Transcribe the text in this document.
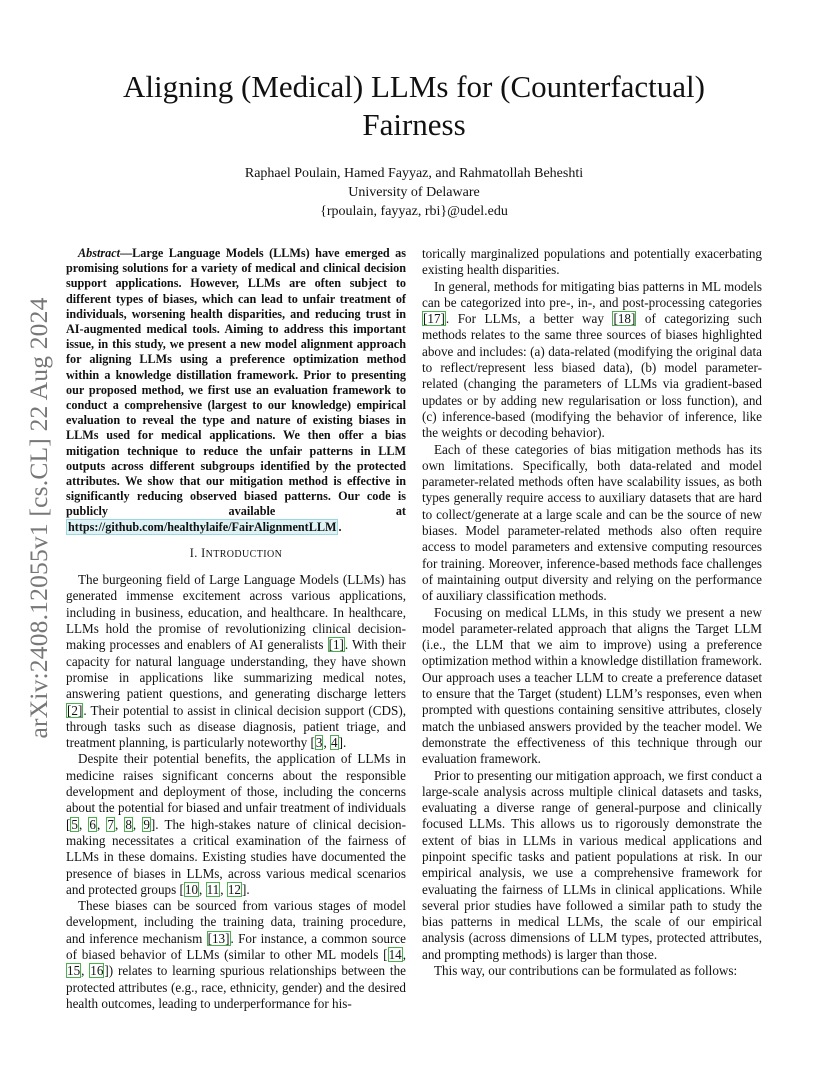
arXiv:2408.12055v1 [cs.CL] 22 Aug 2024
Aligning (Medical) LLMs for (Counterfactual) Fairness
Raphael Poulain, Hamed Fayyaz, and Rahmatollah Beheshti
University of Delaware
{rpoulain, fayyaz, rbi}@udel.edu

Abstract—Large Language Models (LLMs) have emerged as promising solutions for a variety of medical and clinical decision support applications. However, LLMs are often subject to different types of biases, which can lead to unfair treatment of individuals, worsening health disparities, and reducing trust in AI-augmented medical tools. Aiming to address this important issue, in this study, we present a new model alignment approach for aligning LLMs using a preference optimization method within a knowledge distillation framework. Prior to presenting our proposed method, we first use an evaluation framework to conduct a comprehensive (largest to our knowledge) empirical evaluation to reveal the type and nature of existing biases in LLMs used for medical applications. We then offer a bias mitigation technique to reduce the unfair patterns in LLM outputs across different subgroups identified by the protected attributes. We show that our mitigation method is effective in significantly reducing observed biased patterns. Our code is publicly available at https://github.com/healthylaife/FairAlignmentLLM .

I. INTRODUCTION

The burgeoning field of Large Language Models (LLMs) has generated immense excitement across various applications, including in business, education, and healthcare. In healthcare, LLMs hold the promise of revolutionizing clinical decision-making processes and enablers of AI generalists [1]. With their capacity for natural language understanding, they have shown promise in applications like summarizing medical notes, answering patient questions, and generating discharge letters [2]. Their potential to assist in clinical decision support (CDS), through tasks such as disease diagnosis, patient triage, and treatment planning, is particularly noteworthy [3, 4].

Despite their potential benefits, the application of LLMs in medicine raises significant concerns about the responsible development and deployment of those, including the concerns about the potential for biased and unfair treatment of individuals [5, 6, 7, 8, 9]. The high-stakes nature of clinical decision-making necessitates a critical examination of the fairness of LLMs in these domains. Existing studies have documented the presence of biases in LLMs, across various medical scenarios and protected groups [10, 11, 12].

These biases can be sourced from various stages of model development, including the training data, training procedure, and inference mechanism [13]. For instance, a common source of biased behavior of LLMs (similar to other ML models [14, 15, 16]) relates to learning spurious relationships between the protected attributes (e.g., race, ethnicity, gender) and the desired health outcomes, leading to underperformance for his-

torically marginalized populations and potentially exacerbating existing health disparities.

In general, methods for mitigating bias patterns in ML models can be categorized into pre-, in-, and post-processing categories [17]. For LLMs, a better way [18] of categorizing such methods relates to the same three sources of biases highlighted above and includes: (a) data-related (modifying the original data to reflect/represent less biased data), (b) model parameter-related (changing the parameters of LLMs via gradient-based updates or by adding new regularisation or loss function), and (c) inference-based (modifying the behavior of inference, like the weights or decoding behavior).

Each of these categories of bias mitigation methods has its own limitations. Specifically, both data-related and model parameter-related methods often have scalability issues, as both types generally require access to auxiliary datasets that are hard to collect/generate at a large scale and can be the source of new biases. Model parameter-related methods also often require access to model parameters and extensive computing resources for training. Moreover, inference-based methods face challenges of maintaining output diversity and relying on the performance of auxiliary classification methods.

Focusing on medical LLMs, in this study we present a new model parameter-related approach that aligns the Target LLM (i.e., the LLM that we aim to improve) using a preference optimization method within a knowledge distillation framework. Our approach uses a teacher LLM to create a preference dataset to ensure that the Target (student) LLM’s responses, even when prompted with questions containing sensitive attributes, closely match the unbiased answers provided by the teacher model. We demonstrate the effectiveness of this technique through our evaluation framework.

Prior to presenting our mitigation approach, we first conduct a large-scale analysis across multiple clinical datasets and tasks, evaluating a diverse range of general-purpose and clinically focused LLMs. This allows us to rigorously demonstrate the extent of bias in LLMs in various medical applications and pinpoint specific tasks and patient populations at risk. In our empirical analysis, we use a comprehensive framework for evaluating the fairness of LLMs in clinical applications. While several prior studies have followed a similar path to study the bias patterns in medical LLMs, the scale of our empirical analysis (across dimensions of LLM types, protected attributes, and prompting methods) is larger than those.

This way, our contributions can be formulated as follows:
